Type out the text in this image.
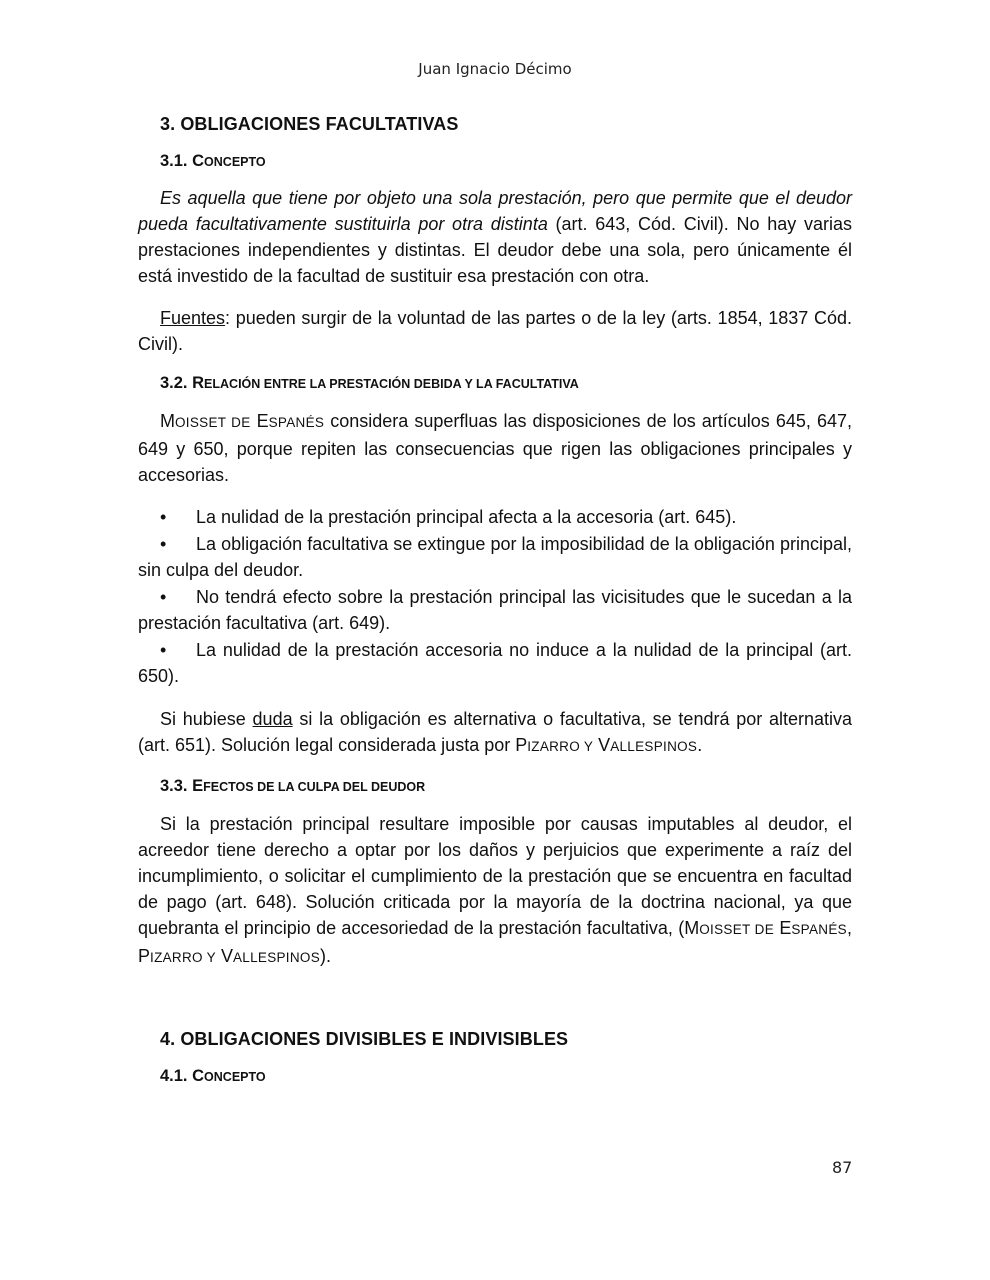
Juan Ignacio Décimo
3. OBLIGACIONES FACULTATIVAS
3.1. CONCEPTO

Es aquella que tiene por objeto una sola prestación, pero que permite que el deudor pueda facultativamente sustituirla por otra distinta (art. 643, Cód. Civil). No hay varias prestaciones independientes y distintas. El deudor debe una sola, pero únicamente él está investido de la facultad de sustituir esa prestación con otra.

Fuentes: pueden surgir de la voluntad de las partes o de la ley (arts. 1854, 1837 Cód. Civil).

3.2. RELACIÓN ENTRE LA PRESTACIÓN DEBIDA Y LA FACULTATIVA

MOISSET DE ESPANÉS considera superfluas las disposiciones de los artículos 645, 647, 649 y 650, porque repiten las consecuencias que rigen las obligaciones principales y accesorias.

• La nulidad de la prestación principal afecta a la accesoria (art. 645).
• La obligación facultativa se extingue por la imposibilidad de la obligación principal, sin culpa del deudor.
• No tendrá efecto sobre la prestación principal las vicisitudes que le sucedan a la prestación facultativa (art. 649).
• La nulidad de la prestación accesoria no induce a la nulidad de la principal (art. 650).

Si hubiese duda si la obligación es alternativa o facultativa, se tendrá por alternativa (art. 651). Solución legal considerada justa por PIZARRO Y VALLESPINOS.

3.3. EFECTOS DE LA CULPA DEL DEUDOR

Si la prestación principal resultare imposible por causas imputables al deudor, el acreedor tiene derecho a optar por los daños y perjuicios que experimente a raíz del incumplimiento, o solicitar el cumplimiento de la prestación que se encuentra en facultad de pago (art. 648). Solución criticada por la mayoría de la doctrina nacional, ya que quebranta el principio de accesoriedad de la prestación facultativa, (MOISSET DE ESPANÉS, PIZARRO Y VALLESPINOS).

4. OBLIGACIONES DIVISIBLES E INDIVISIBLES
4.1. CONCEPTO
87
